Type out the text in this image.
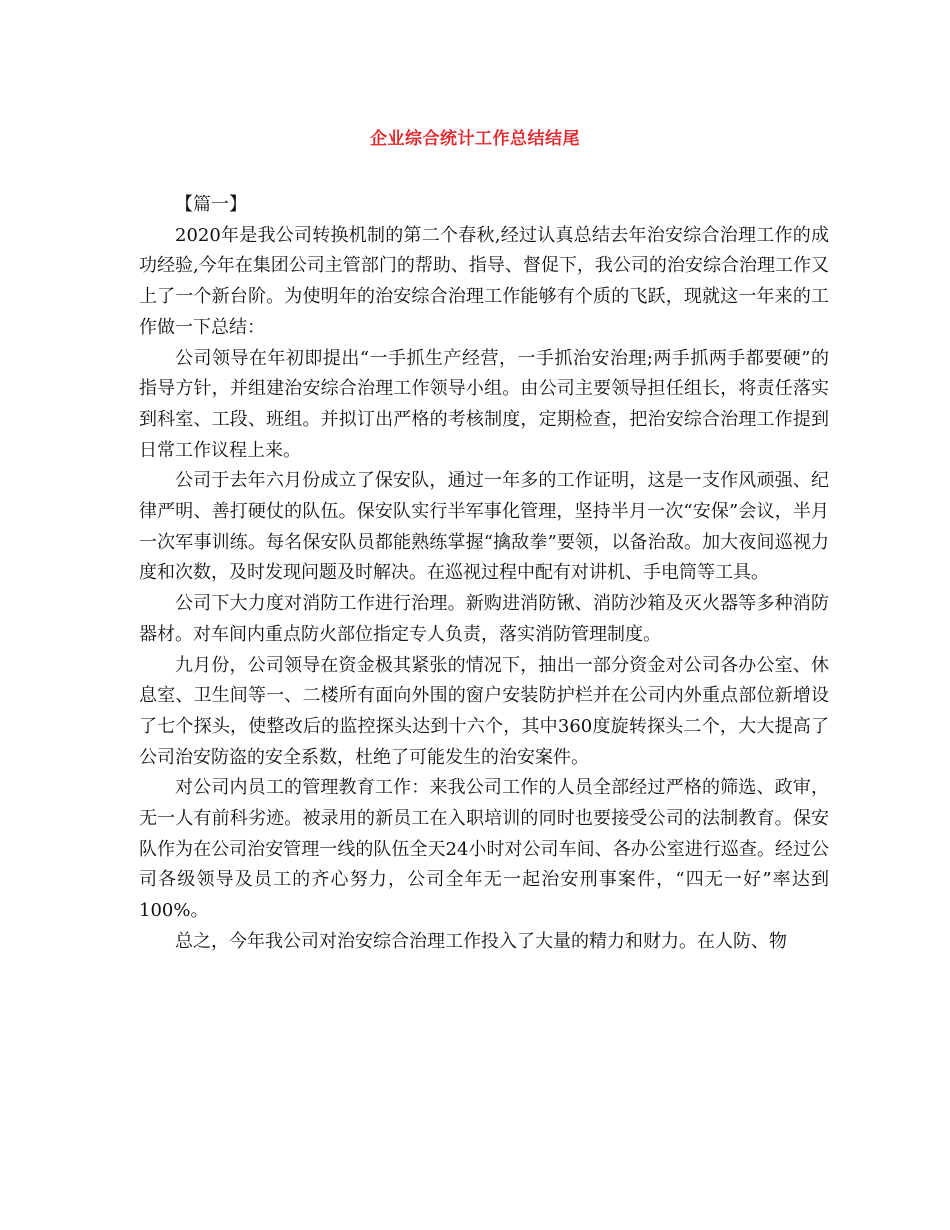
企业综合统计工作总结结尾

【篇一】

2020年是我公司转换机制的第二个春秋,经过认真总结去年治安综合治理工作的成功经验,今年在集团公司主管部门的帮助、指导、督促下，我公司的治安综合治理工作又上了一个新台阶。为使明年的治安综合治理工作能够有个质的飞跃，现就这一年来的工作做一下总结：

公司领导在年初即提出“一手抓生产经营，一手抓治安治理;两手抓两手都要硬”的指导方针，并组建治安综合治理工作领导小组。由公司主要领导担任组长，将责任落实到科室、工段、班组。并拟订出严格的考核制度，定期检查，把治安综合治理工作提到日常工作议程上来。

公司于去年六月份成立了保安队，通过一年多的工作证明，这是一支作风顽强、纪律严明、善打硬仗的队伍。保安队实行半军事化管理，坚持半月一次“安保”会议，半月一次军事训练。每名保安队员都能熟练掌握“擒敌拳”要领，以备治敌。加大夜间巡视力度和次数，及时发现问题及时解决。在巡视过程中配有对讲机、手电筒等工具。

公司下大力度对消防工作进行治理。新购进消防锹、消防沙箱及灭火器等多种消防器材。对车间内重点防火部位指定专人负责，落实消防管理制度。

九月份，公司领导在资金极其紧张的情况下，抽出一部分资金对公司各办公室、休息室、卫生间等一、二楼所有面向外围的窗户安装防护栏并在公司内外重点部位新增设了七个探头，使整改后的监控探头达到十六个，其中360度旋转探头二个，大大提高了公司治安防盗的安全系数，杜绝了可能发生的治安案件。

对公司内员工的管理教育工作：来我公司工作的人员全部经过严格的筛选、政审，无一人有前科劣迹。被录用的新员工在入职培训的同时也要接受公司的法制教育。保安队作为在公司治安管理一线的队伍全天24小时对公司车间、各办公室进行巡查。经过公司各级领导及员工的齐心努力，公司全年无一起治安刑事案件，“四无一好”率达到100%。

总之，今年我公司对治安综合治理工作投入了大量的精力和财力。在人防、物
